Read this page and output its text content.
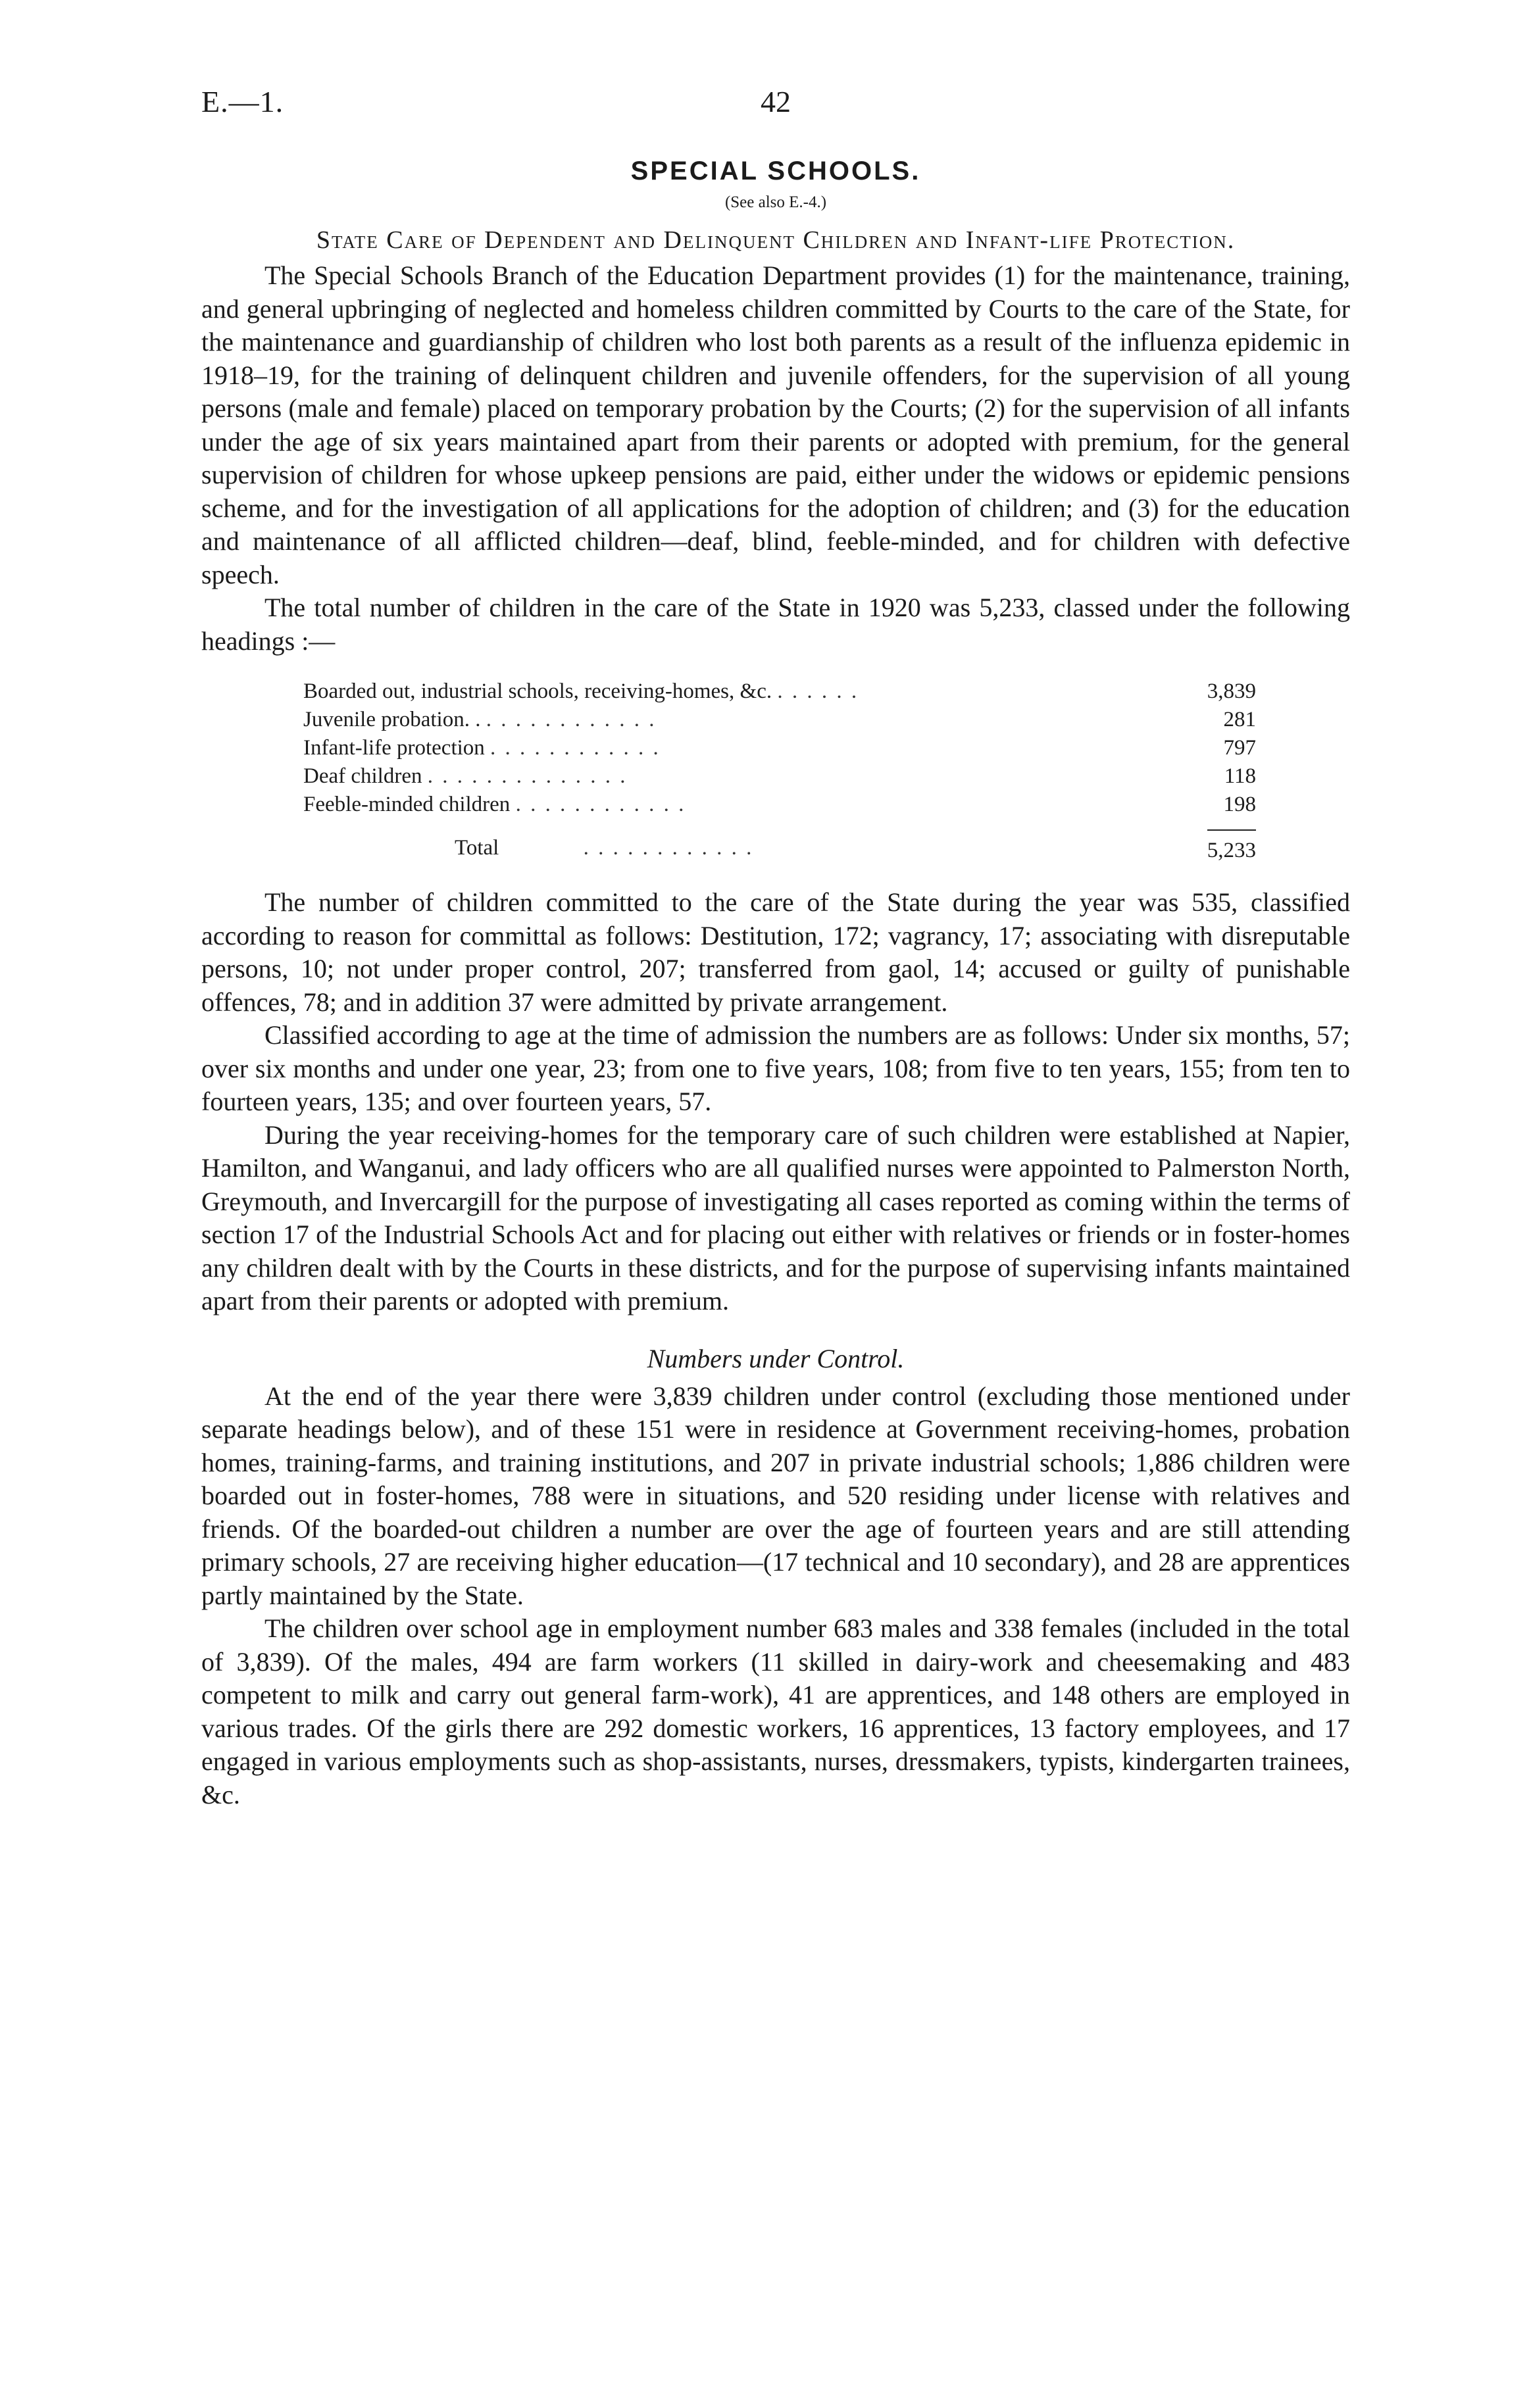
E.—1.	42
SPECIAL SCHOOLS.
(See also E.-4.)
State Care of Dependent and Delinquent Children and Infant-life Protection.

The Special Schools Branch of the Education Department provides (1) for the maintenance, training, and general upbringing of neglected and homeless children committed by Courts to the care of the State, for the maintenance and guardianship of children who lost both parents as a result of the influenza epidemic in 1918–19, for the training of delinquent children and juvenile offenders, for the supervision of all young persons (male and female) placed on temporary probation by the Courts; (2) for the supervision of all infants under the age of six years maintained apart from their parents or adopted with premium, for the general supervision of children for whose upkeep pensions are paid, either under the widows or epidemic pensions scheme, and for the investigation of all applications for the adoption of children; and (3) for the education and maintenance of all afflicted children—deaf, blind, feeble-minded, and for children with defective speech.

The total number of children in the care of the State in 1920 was 5,233, classed under the following headings :—

Boarded out, industrial schools, receiving-homes, &c. . . . . . .	3,839
Juvenile probation. . . . . . . . . . . . . .	281
Infant-life protection . . . . . . . . . . . .	797
Deaf children . . . . . . . . . . . . . .	118
Feeble-minded children . . . . . . . . . . . .	198
Total . . . . . . . . . . . .	5,233

The number of children committed to the care of the State during the year was 535, classified according to reason for committal as follows: Destitution, 172; vagrancy, 17; associating with disreputable persons, 10; not under proper control, 207; transferred from gaol, 14; accused or guilty of punishable offences, 78; and in addition 37 were admitted by private arrangement.

Classified according to age at the time of admission the numbers are as follows: Under six months, 57; over six months and under one year, 23; from one to five years, 108; from five to ten years, 155; from ten to fourteen years, 135; and over fourteen years, 57.

During the year receiving-homes for the temporary care of such children were established at Napier, Hamilton, and Wanganui, and lady officers who are all qualified nurses were appointed to Palmerston North, Greymouth, and Invercargill for the purpose of investigating all cases reported as coming within the terms of section 17 of the Industrial Schools Act and for placing out either with relatives or friends or in foster-homes any children dealt with by the Courts in these districts, and for the purpose of supervising infants maintained apart from their parents or adopted with premium.

Numbers under Control.

At the end of the year there were 3,839 children under control (excluding those mentioned under separate headings below), and of these 151 were in residence at Government receiving-homes, probation homes, training-farms, and training institutions, and 207 in private industrial schools; 1,886 children were boarded out in foster-homes, 788 were in situations, and 520 residing under license with relatives and friends. Of the boarded-out children a number are over the age of fourteen years and are still attending primary schools, 27 are receiving higher education—(17 technical and 10 secondary), and 28 are apprentices partly maintained by the State.

The children over school age in employment number 683 males and 338 females (included in the total of 3,839). Of the males, 494 are farm workers (11 skilled in dairy-work and cheesemaking and 483 competent to milk and carry out general farm-work), 41 are apprentices, and 148 others are employed in various trades. Of the girls there are 292 domestic workers, 16 apprentices, 13 factory employees, and 17 engaged in various employments such as shop-assistants, nurses, dressmakers, typists, kindergarten trainees, &c.
